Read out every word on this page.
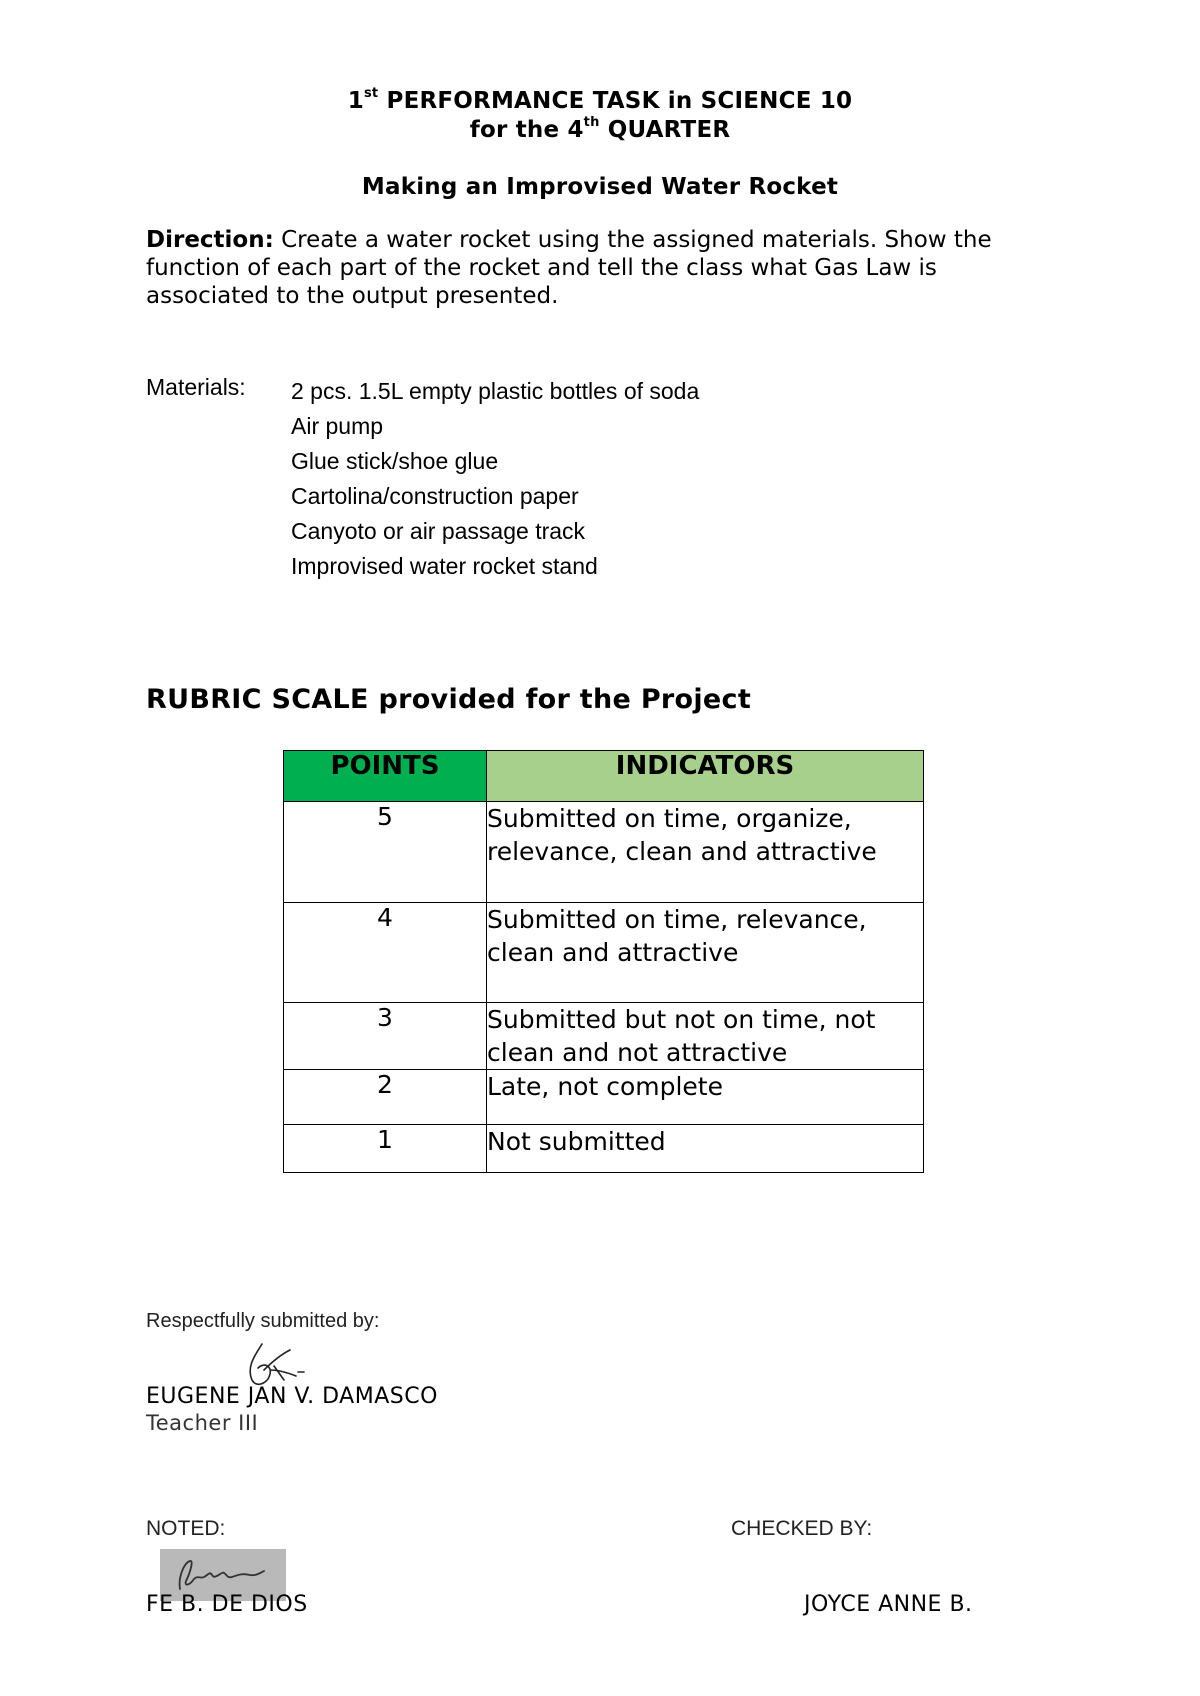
1st PERFORMANCE TASK in SCIENCE 10
for the 4th QUARTER
Making an Improvised Water Rocket
Direction: Create a water rocket using the assigned materials. Show the function of each part of the rocket and tell the class what Gas Law is associated to the output presented.
Materials: 2 pcs. 1.5L empty plastic bottles of soda
Air pump
Glue stick/shoe glue
Cartolina/construction paper
Canyoto or air passage track
Improvised water rocket stand
RUBRIC SCALE provided for the Project
POINTS	INDICATORS
5	Submitted on time, organize, relevance, clean and attractive
4	Submitted on time, relevance, clean and attractive
3	Submitted but not on time, not clean and not attractive
2	Late, not complete
1	Not submitted
Respectfully submitted by:
EUGENE JAN V. DAMASCO
Teacher III
NOTED:	CHECKED BY:
FE B. DE DIOS	JOYCE ANNE B.
